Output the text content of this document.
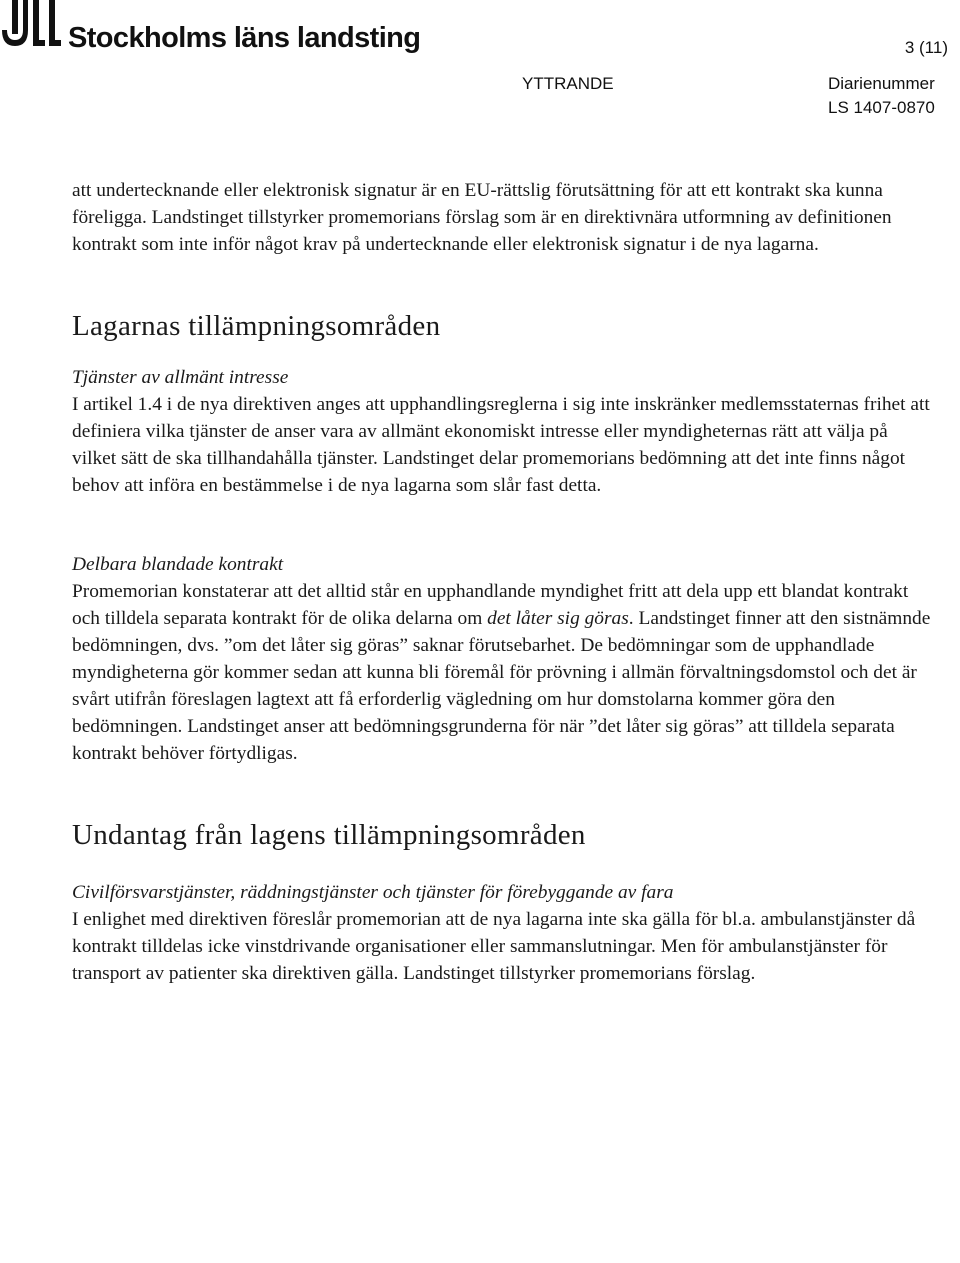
Stockholms läns landsting	3 (11)
YTTRANDE	Diarienummer
LS 1407-0870

att undertecknande eller elektronisk signatur är en EU-rättslig förutsättning för att ett kontrakt ska kunna föreligga. Landstinget tillstyrker promemorians förslag som är en direktivnära utformning av definitionen kontrakt som inte inför något krav på undertecknande eller elektronisk signatur i de nya lagarna.

Lagarnas tillämpningsområden
Tjänster av allmänt intresse

I artikel 1.4 i de nya direktiven anges att upphandlingsreglerna i sig inte inskränker medlemsstaternas frihet att definiera vilka tjänster de anser vara av allmänt ekonomiskt intresse eller myndigheternas rätt att välja på vilket sätt de ska tillhandahålla tjänster. Landstinget delar promemorians bedömning att det inte finns något behov att införa en bestämmelse i de nya lagarna som slår fast detta.

Delbara blandade kontrakt

Promemorian konstaterar att det alltid står en upphandlande myndighet fritt att dela upp ett blandat kontrakt och tilldela separata kontrakt för de olika delarna om det låter sig göras. Landstinget finner att den sistnämnde bedömningen, dvs. ”om det låter sig göras” saknar förutsebarhet. De bedömningar som de upphandlade myndigheterna gör kommer sedan att kunna bli föremål för prövning i allmän förvaltningsdomstol och det är svårt utifrån föreslagen lagtext att få erforderlig vägledning om hur domstolarna kommer göra den bedömningen. Landstinget anser att bedömningsgrunderna för när ”det låter sig göras” att tilldela separata kontrakt behöver förtydligas.

Undantag från lagens tillämpningsområden
Civilförsvarstjänster, räddningstjänster och tjänster för förebyggande av fara

I enlighet med direktiven föreslår promemorian att de nya lagarna inte ska gälla för bl.a. ambulanstjänster då kontrakt tilldelas icke vinstdrivande organisationer eller sammanslutningar. Men för ambulanstjänster för transport av patienter ska direktiven gälla. Landstinget tillstyrker promemorians förslag.
